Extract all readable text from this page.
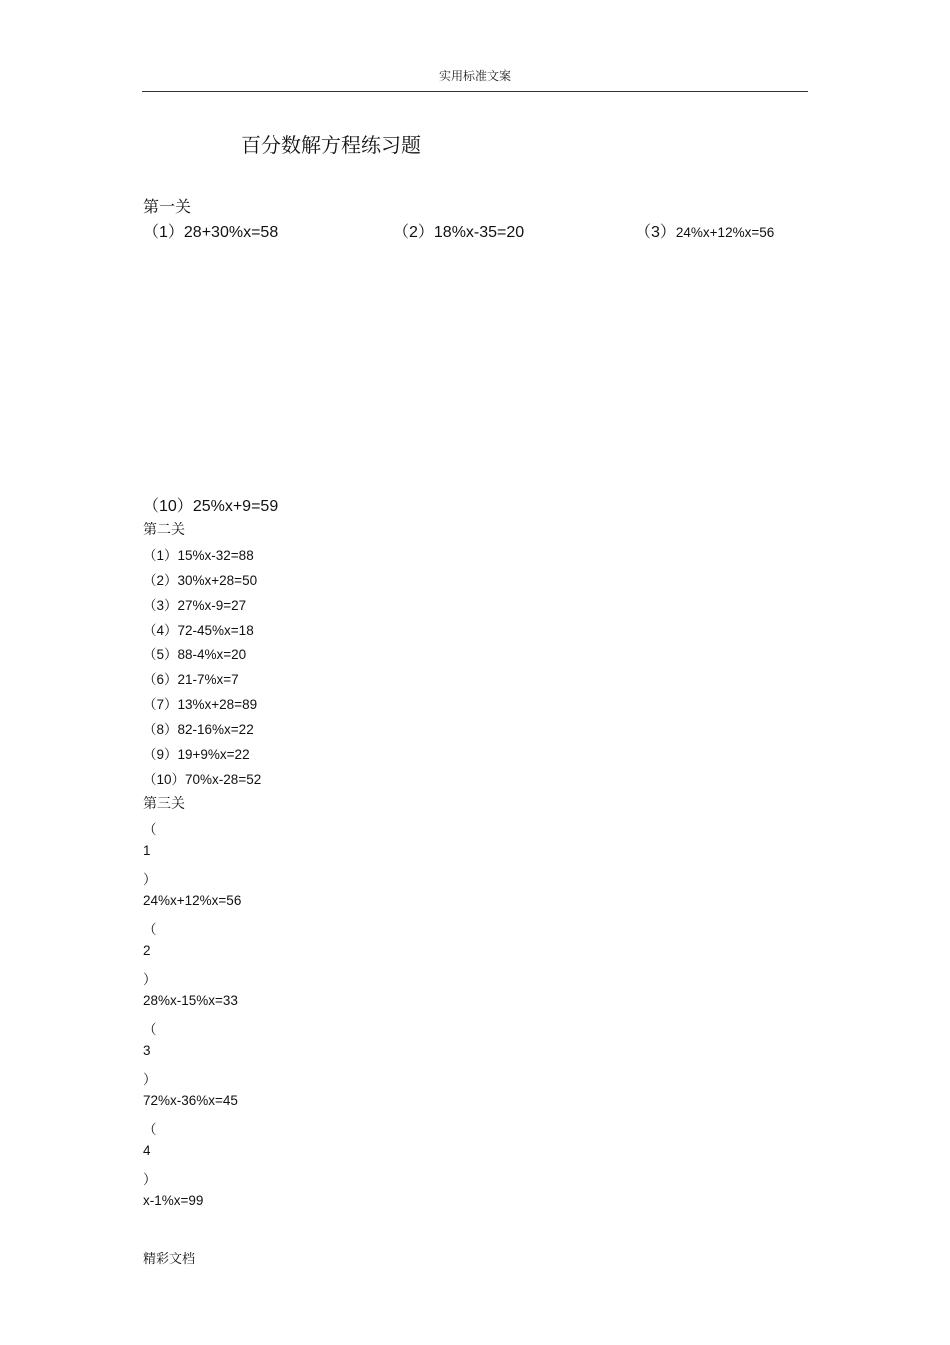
实用标准文案
百分数解方程练习题
第一关
（1）28+30%x=58	（2）18%x-35=20	（3）24%x+12%x=56
（10）25%x+9=59
第二关
（1）15%x-32=88
（2）30%x+28=50
（3）27%x-9=27
（4）72-45%x=18
（5）88-4%x=20
（6）21-7%x=7
（7）13%x+28=89
（8）82-16%x=22
（9）19+9%x=22
（10）70%x-28=52
第三关
（
1
）
24%x+12%x=56
（
2
）
28%x-15%x=33
（
3
）
72%x-36%x=45
（
4
）
x-1%x=99
精彩文档
